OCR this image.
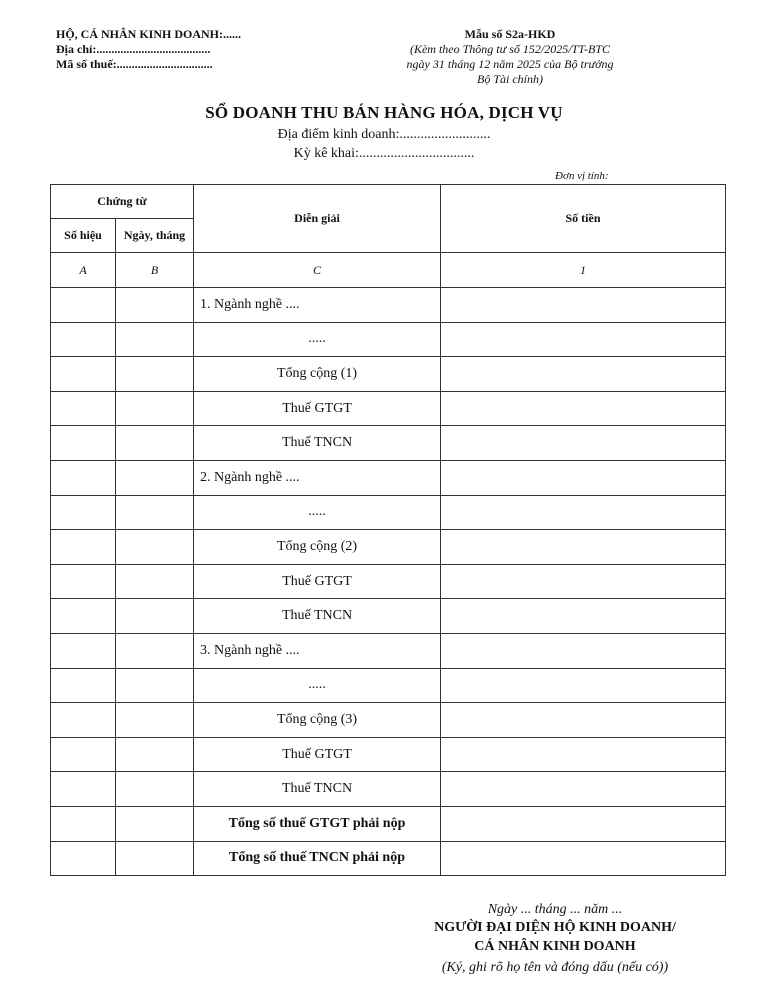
HỘ, CÁ NHÂN KINH DOANH:......
Địa chỉ:......................................
Mã số thuế:................................
Mẫu số S2a-HKD
(Kèm theo Thông tư số 152/2025/TT-BTC
ngày 31 tháng 12 năm 2025 của Bộ trưởng
Bộ Tài chính)
SỔ DOANH THU BÁN HÀNG HÓA, DỊCH VỤ
Địa điểm kinh doanh:..........................
Kỳ kê khai:.................................
Đơn vị tính:
Chứng từ		Diễn giải	Số tiền
Số hiệu	Ngày, tháng		
A	B	C	1
		1. Ngành nghề ....	
		.....	
		Tổng cộng (1)	
		Thuế GTGT	
		Thuế TNCN	
		2. Ngành nghề ....	
		.....	
		Tổng cộng (2)	
		Thuế GTGT	
		Thuế TNCN	
		3. Ngành nghề ....	
		.....	
		Tổng cộng (3)	
		Thuế GTGT	
		Thuế TNCN	
		Tổng số thuế GTGT phải nộp	
		Tổng số thuế TNCN phải nộp	
Ngày ... tháng ... năm ...
NGƯỜI ĐẠI DIỆN HỘ KINH DOANH/
CÁ NHÂN KINH DOANH
(Ký, ghi rõ họ tên và đóng dấu (nếu có))
